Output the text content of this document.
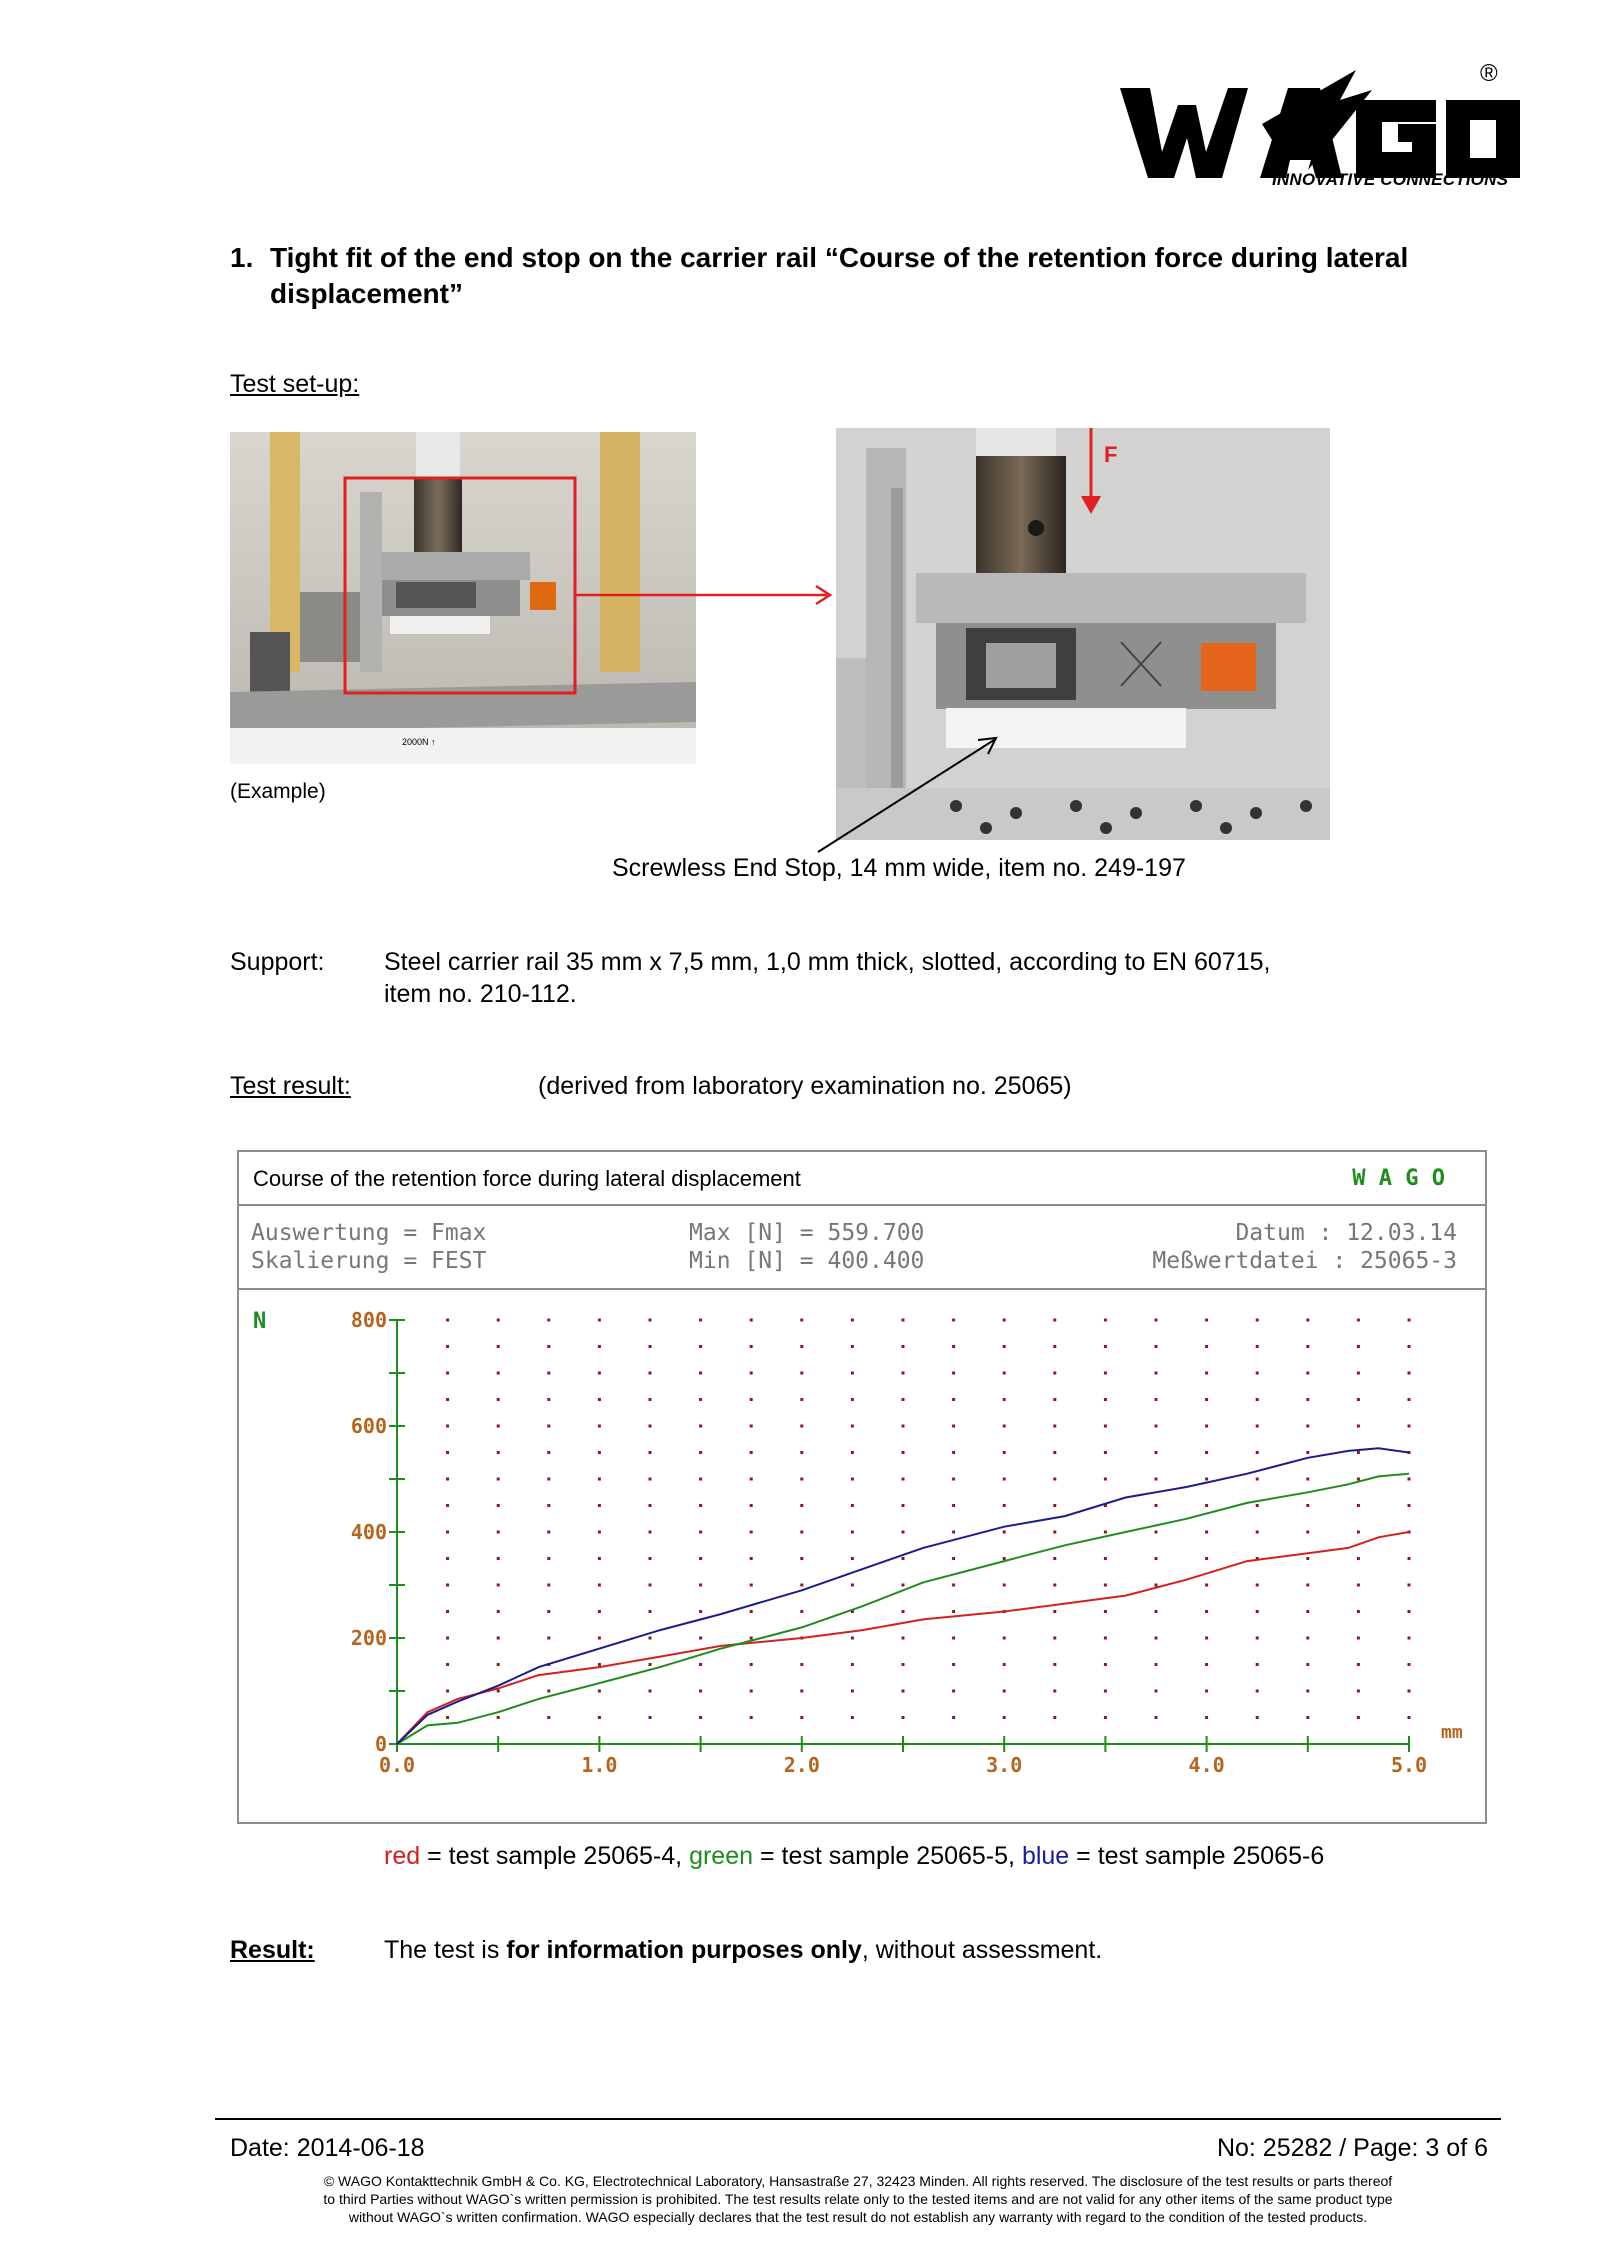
INNOVATIVE CONNECTIONS
®
1. Tight fit of the end stop on the carrier rail “Course of the retention force during lateral displacement”
Test set-up:
2000N ↑
(Example)
F
Screwless End Stop, 14 mm wide, item no. 249-197
Support: Steel carrier rail 35 mm x 7,5 mm, 1,0 mm thick, slotted, according to EN 60715,
item no. 210-112.
Test result:	(derived from laboratory examination no. 25065)
Course of the retention force during lateral displacement	W A G O
Auswertung = Fmax
Skalierung = FEST
Max [N] = 559.700
Min [N] = 400.400
Datum : 12.03.14
Meßwertdatei : 25065-3
0
200
400
600
800
0.0	1.0	2.0	3.0	4.0	5.0
N
mm
red = test sample 25065-4, green = test sample 25065-5, blue = test sample 25065-6
Result:	The test is for information purposes only, without assessment.
Date: 2014-06-18	No: 25282 / Page: 3 of 6
© WAGO Kontakttechnik GmbH & Co. KG, Electrotechnical Laboratory, Hansastraße 27, 32423 Minden. All rights reserved. The disclosure of the test results or parts thereof
to third Parties without WAGO`s written permission is prohibited. The test results relate only to the tested items and are not valid for any other items of the same product type
without WAGO`s written confirmation. WAGO especially declares that the test result do not establish any warranty with regard to the condition of the tested products.
